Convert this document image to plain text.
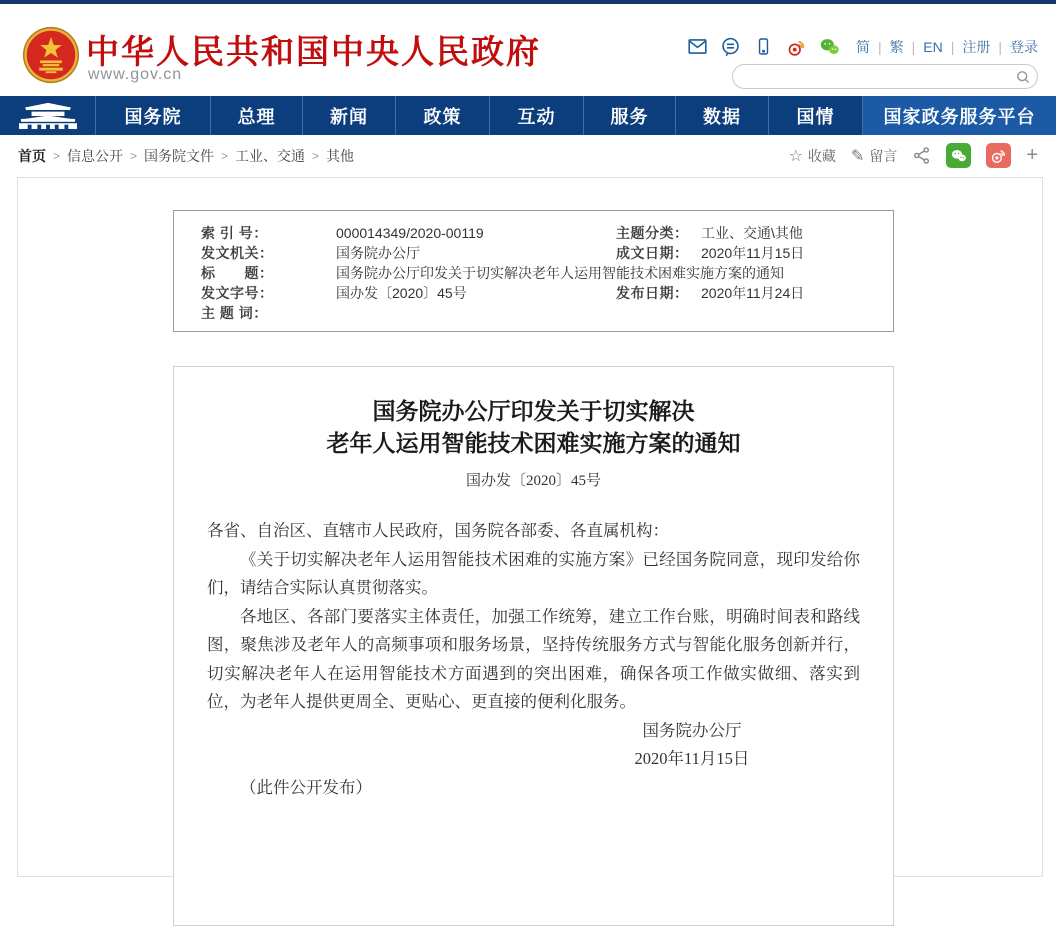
中华人民共和国中央人民政府
www.gov.cn
简 | 繁 | EN | 注册 | 登录
国务院	总理	新闻	政策	互动	服务	数据	国情	国家政务服务平台
首页 > 信息公开 > 国务院文件 > 工业、交通 > 其他	☆ 收藏 ✎ 留言	+
索 引 号：	000014349/2020-00119	主题分类： 工业、交通\其他
发文机关：	国务院办公厅	成文日期： 2020年11月15日
标　　题：	国务院办公厅印发关于切实解决老年人运用智能技术困难实施方案的通知
发文字号：	国办发〔2020〕45号	发布日期： 2020年11月24日
主 题 词：
国务院办公厅印发关于切实解决
老年人运用智能技术困难实施方案的通知
国办发〔2020〕45号

各省、自治区、直辖市人民政府，国务院各部委、各直属机构：

《关于切实解决老年人运用智能技术困难的实施方案》已经国务院同意，现印发给你们，请结合实际认真贯彻落实。

各地区、各部门要落实主体责任，加强工作统筹，建立工作台账，明确时间表和路线图，聚焦涉及老年人的高频事项和服务场景，坚持传统服务方式与智能化服务创新并行，切实解决老年人在运用智能技术方面遇到的突出困难，确保各项工作做实做细、落实到位，为老年人提供更周全、更贴心、更直接的便利化服务。

国务院办公厅
2020年11月15日

（此件公开发布）
